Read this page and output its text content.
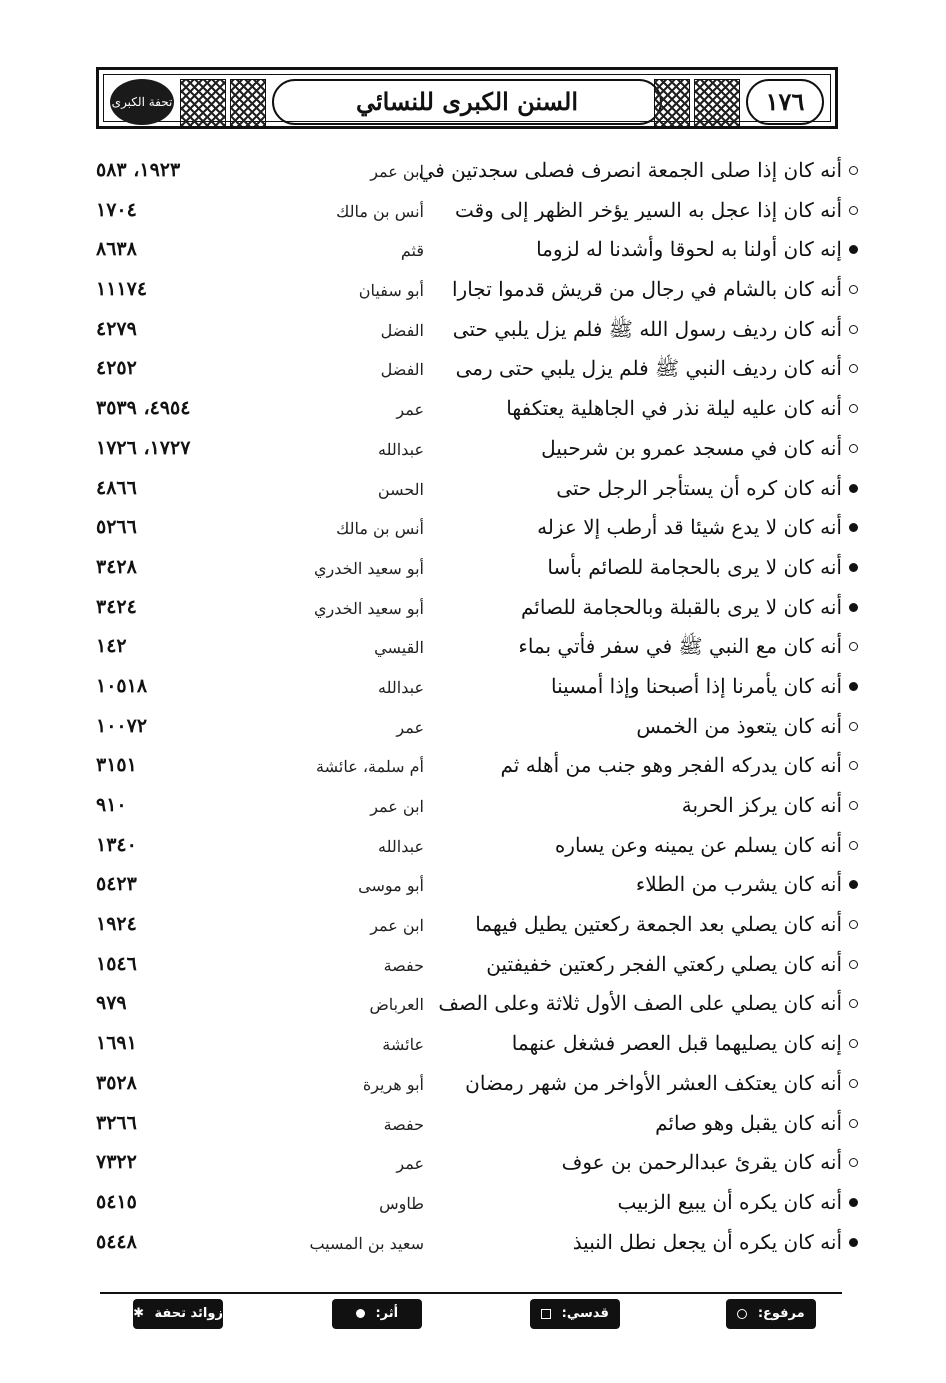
تحفة الكبرى	السنن الكبرى للنسائي	١٧٦
أنه كان إذا صلى الجمعة انصرف فصلى سجدتين في
ابن عمر
١٩٢٣، ٥٨٣
أنه كان إذا عجل به السير يؤخر الظهر إلى وقت
أنس بن مالك
١٧٠٤
إنه كان أولنا به لحوقا وأشدنا له لزوما
قثم
٨٦٣٨
أنه كان بالشام في رجال من قريش قدموا تجارا
أبو سفيان
١١١٧٤
أنه كان رديف رسول الله ﷺ فلم يزل يلبي حتى
الفضل
٤٢٧٩
أنه كان رديف النبي ﷺ فلم يزل يلبي حتى رمى
الفضل
٤٢٥٢
أنه كان عليه ليلة نذر في الجاهلية يعتكفها
عمر
٤٩٥٤، ٣٥٣٩
أنه كان في مسجد عمرو بن شرحبيل
عبدالله
١٧٢٧، ١٧٢٦
أنه كان كره أن يستأجر الرجل حتى
الحسن
٤٨٦٦
أنه كان لا يدع شيئا قد أرطب إلا عزله
أنس بن مالك
٥٢٦٦
أنه كان لا يرى بالحجامة للصائم بأسا
أبو سعيد الخدري
٣٤٢٨
أنه كان لا يرى بالقبلة وبالحجامة للصائم
أبو سعيد الخدري
٣٤٢٤
أنه كان مع النبي ﷺ في سفر فأتي بماء
القيسي
١٤٢
أنه كان يأمرنا إذا أصبحنا وإذا أمسينا
عبدالله
١٠٥١٨
أنه كان يتعوذ من الخمس
عمر
١٠٠٧٢
أنه كان يدركه الفجر وهو جنب من أهله ثم
أم سلمة، عائشة
٣١٥١
أنه كان يركز الحربة
ابن عمر
٩١٠
أنه كان يسلم عن يمينه وعن يساره
عبدالله
١٣٤٠
أنه كان يشرب من الطلاء
أبو موسى
٥٤٢٣
أنه كان يصلي بعد الجمعة ركعتين يطيل فيهما
ابن عمر
١٩٢٤
أنه كان يصلي ركعتي الفجر ركعتين خفيفتين
حفصة
١٥٤٦
أنه كان يصلي على الصف الأول ثلاثة وعلى الصف
العرباض
٩٧٩
إنه كان يصليهما قبل العصر فشغل عنهما
عائشة
١٦٩١
أنه كان يعتكف العشر الأواخر من شهر رمضان
أبو هريرة
٣٥٢٨
أنه كان يقبل وهو صائم
حفصة
٣٢٦٦
أنه كان يقرئ عبدالرحمن بن عوف
عمر
٧٣٢٢
أنه كان يكره أن يبيع الزبيب
طاوس
٥٤١٥
أنه كان يكره أن يجعل نطل النبيذ
سعيد بن المسيب
٥٤٤٨
مرفوع:
قدسي:
أثر:
زوائد تحفة ✱
